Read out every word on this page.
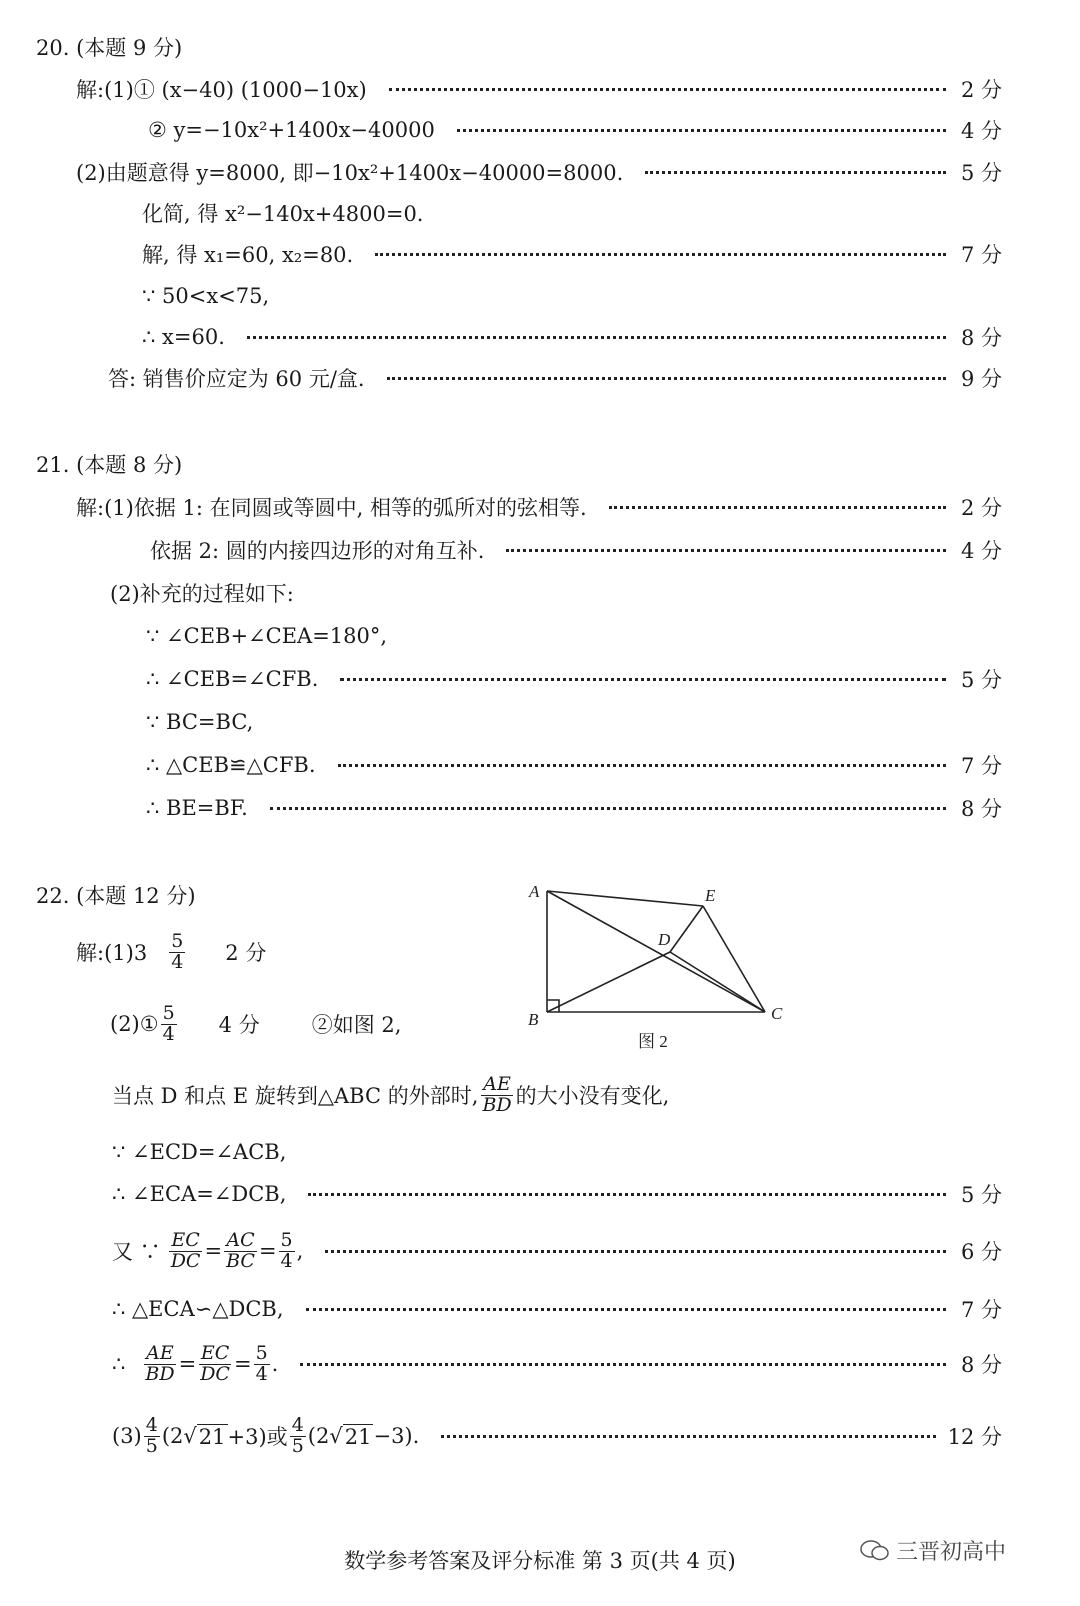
20. (本题 9 分)
解:(1)① (x−40) (1000−10x)	2 分
② y=−10x²+1400x−40000	4 分
(2)由题意得 y=8000, 即−10x²+1400x−40000=8000.	5 分
化简, 得 x²−140x+4800=0.
解, 得 x₁=60, x₂=80.	7 分
∵ 50<x<75,
∴ x=60.	8 分
答: 销售价应定为 60 元/盒.	9 分
21. (本题 8 分)
解:(1)依据 1: 在同圆或等圆中, 相等的弧所对的弦相等.	2 分
依据 2: 圆的内接四边形的对角互补.	4 分
(2)补充的过程如下:
∵ ∠CEB+∠CEA=180°,
∴ ∠CEB=∠CFB.	5 分
∵ BC=BC,
∴ △CEB≌△CFB.	7 分
∴ BE=BF.	8 分
22. (本题 12 分)
解:(1)3 $\frac{5}{4} 2$ 分
(2)① $\frac{5}{4} 4$ 分 ②如图 2,
A	E
D
B	C
图 2
当点 D 和点 E 旋转到△ABC 的外部时, $\frac{AE}{BD}$ 的大小没有变化,
∵ ∠ECD=∠ACB,
∴ ∠ECA=∠DCB,	5 分
又 ∵ $\frac{EC}{DC} = \frac{AC}{BC} = \frac{5}{4}$ ,	6 分
∴ △ECA∽△DCB,	7 分
∴ $\frac{AE}{BD} = \frac{EC}{DC} = \frac{5}{4}$ .	8 分
$(3) \frac{4}{5} (2$ √ 21 +3)或 $\frac{4}{5} (2$ √ 21 −3).	12 分
数学参考答案及评分标准 第 3 页(共 4 页)	三晋初高中
